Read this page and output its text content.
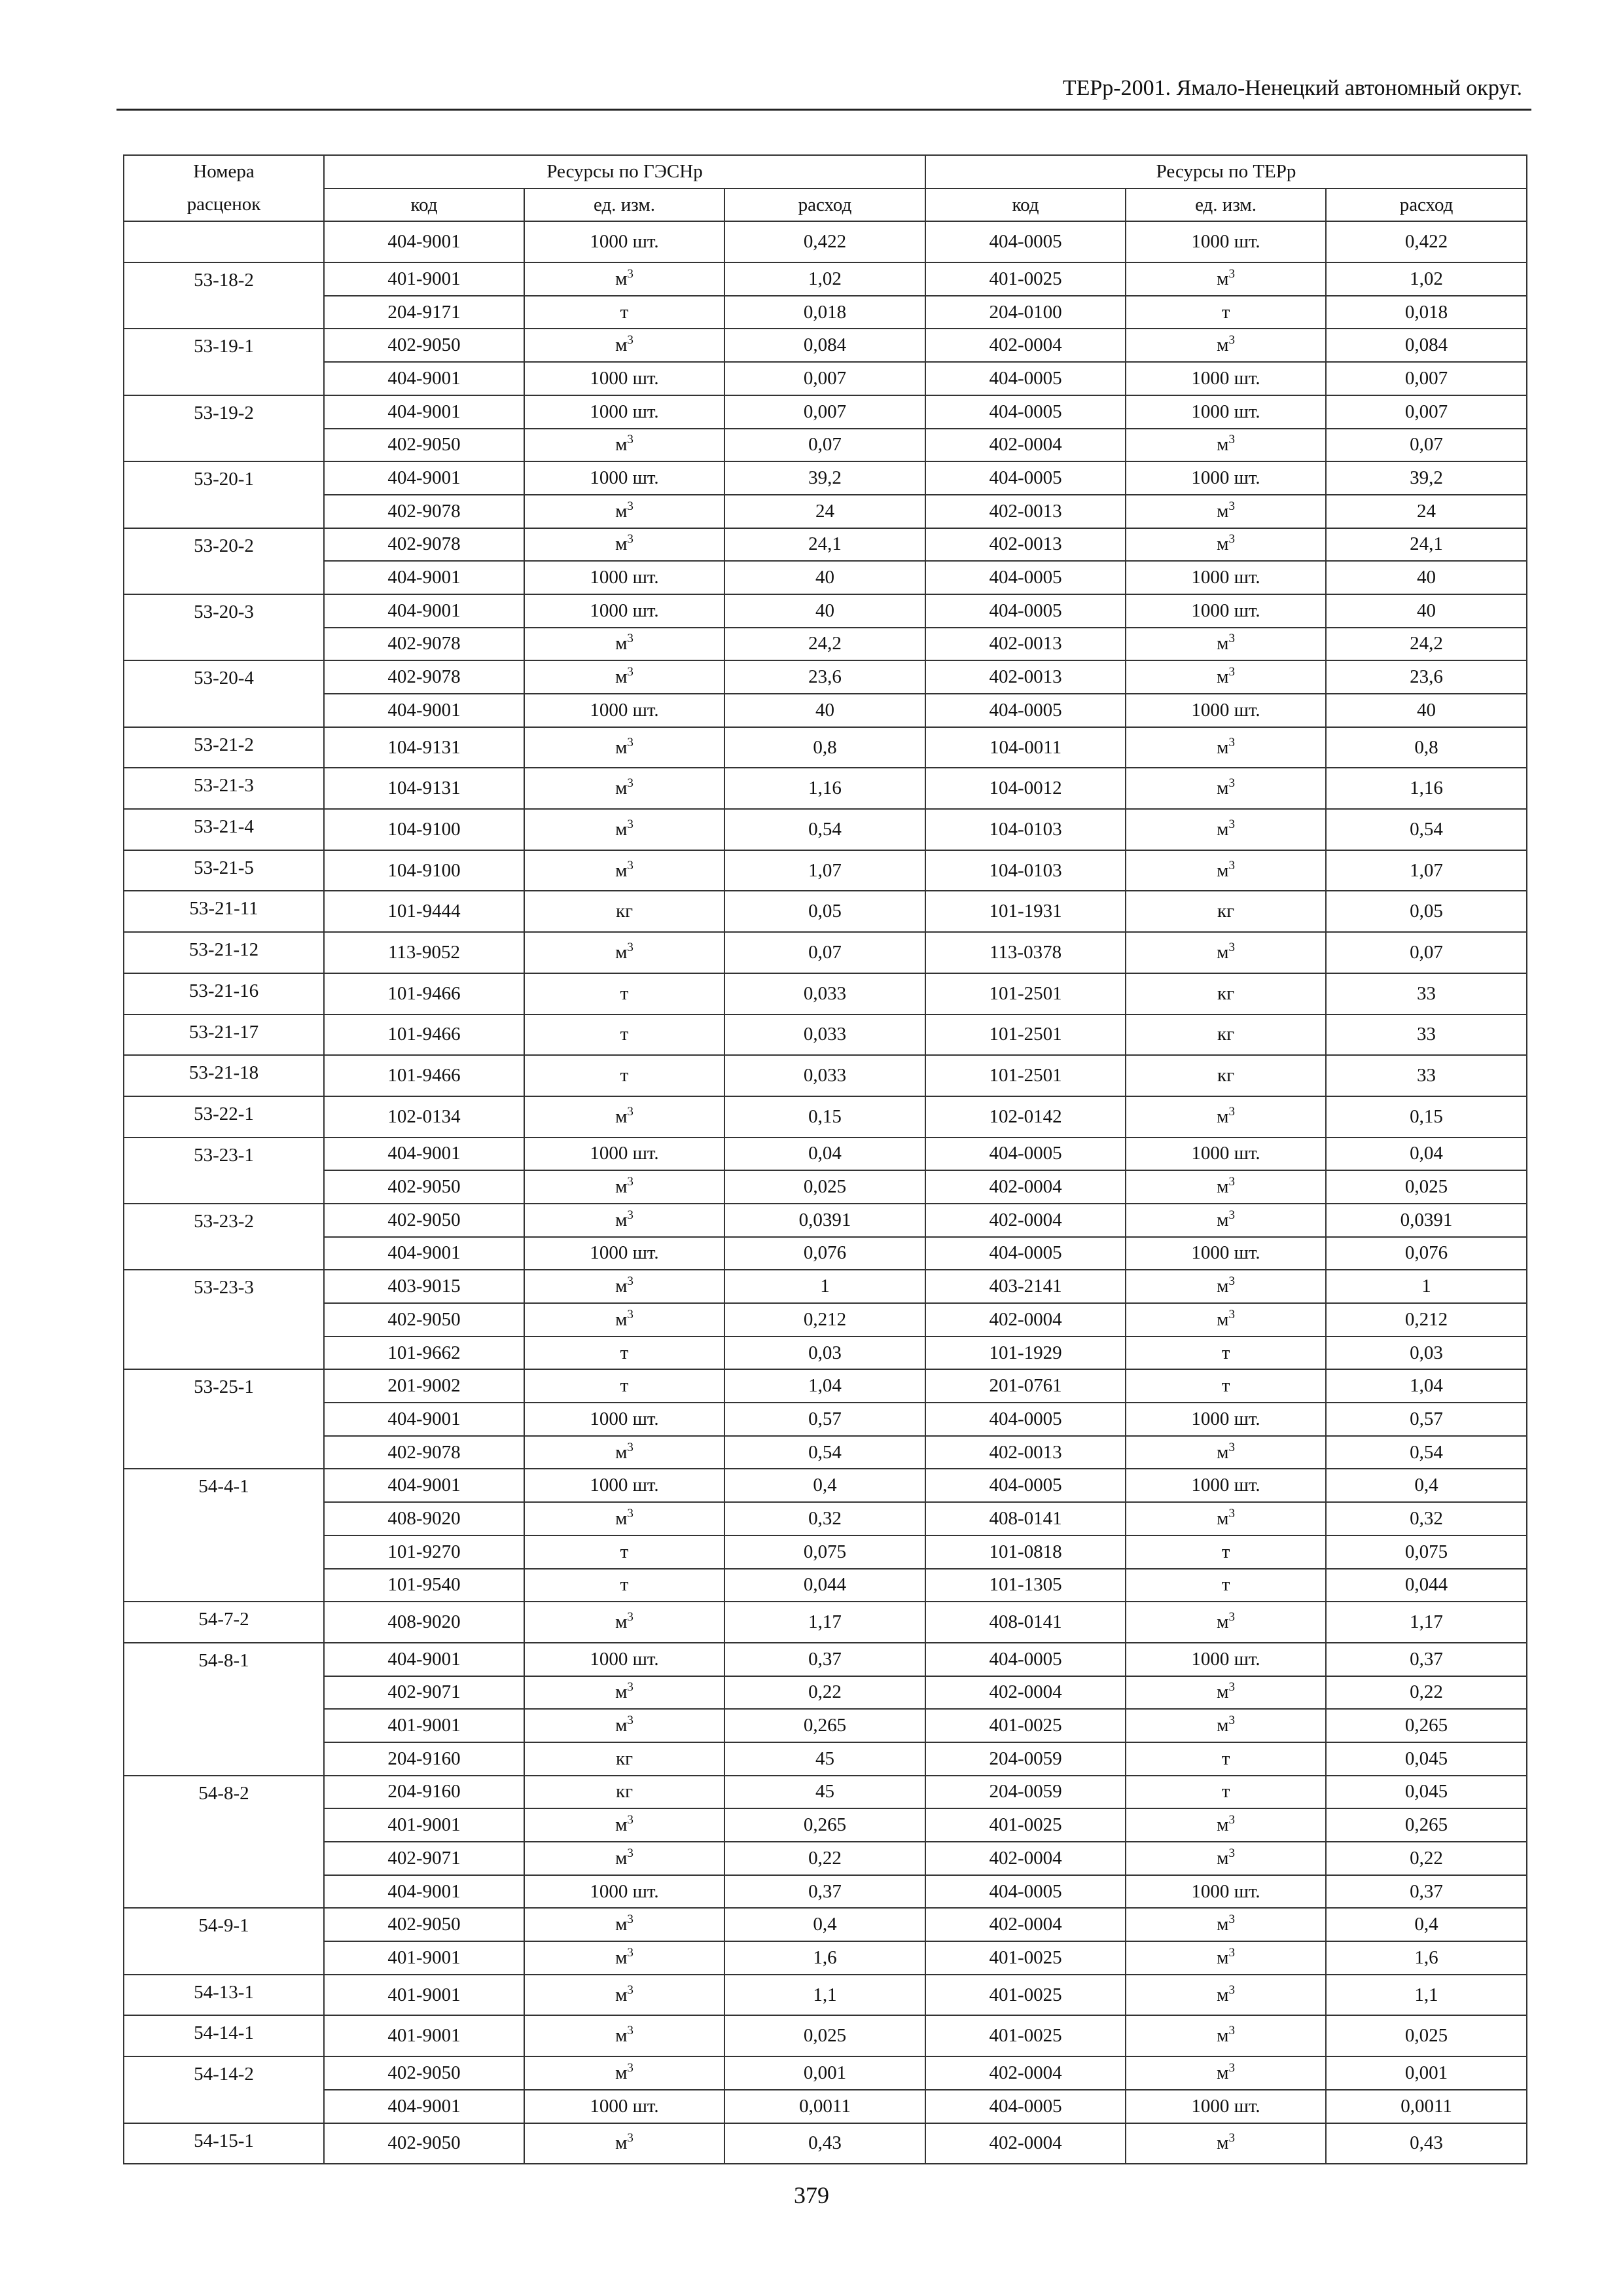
ТЕРр-2001. Ямало-Ненецкий автономный округ.
Номера	Ресурсы по ГЭСНр			Ресурсы по ТЕРр		
расценок	код	ед. изм.	расход	код	ед. изм.	расход
	404-9001	1000 шт.	0,422	404-0005	1000 шт.	0,422
53-18-2	401-9001	$м^3$	1,02	401-0025	$м^3$	1,02
	204-9171	т	0,018	204-0100	т	0,018
53-19-1	402-9050	$м^3$	0,084	402-0004	$м^3$	0,084
	404-9001	1000 шт.	0,007	404-0005	1000 шт.	0,007
53-19-2	404-9001	1000 шт.	0,007	404-0005	1000 шт.	0,007
	402-9050	$м^3$	0,07	402-0004	$м^3$	0,07
53-20-1	404-9001	1000 шт.	39,2	404-0005	1000 шт.	39,2
	402-9078	$м^3$	24	402-0013	$м^3$	24
53-20-2	402-9078	$м^3$	24,1	402-0013	$м^3$	24,1
	404-9001	1000 шт.	40	404-0005	1000 шт.	40
53-20-3	404-9001	1000 шт.	40	404-0005	1000 шт.	40
	402-9078	$м^3$	24,2	402-0013	$м^3$	24,2
53-20-4	402-9078	$м^3$	23,6	402-0013	$м^3$	23,6
	404-9001	1000 шт.	40	404-0005	1000 шт.	40
53-21-2	104-9131	$м^3$	0,8	104-0011	$м^3$	0,8
53-21-3	104-9131	$м^3$	1,16	104-0012	$м^3$	1,16
53-21-4	104-9100	$м^3$	0,54	104-0103	$м^3$	0,54
53-21-5	104-9100	$м^3$	1,07	104-0103	$м^3$	1,07
53-21-11	101-9444	кг	0,05	101-1931	кг	0,05
53-21-12	113-9052	$м^3$	0,07	113-0378	$м^3$	0,07
53-21-16	101-9466	т	0,033	101-2501	кг	33
53-21-17	101-9466	т	0,033	101-2501	кг	33
53-21-18	101-9466	т	0,033	101-2501	кг	33
53-22-1	102-0134	$м^3$	0,15	102-0142	$м^3$	0,15
53-23-1	404-9001	1000 шт.	0,04	404-0005	1000 шт.	0,04
	402-9050	$м^3$	0,025	402-0004	$м^3$	0,025
53-23-2	402-9050	$м^3$	0,0391	402-0004	$м^3$	0,0391
	404-9001	1000 шт.	0,076	404-0005	1000 шт.	0,076
53-23-3	403-9015	$м^3$	1	403-2141	$м^3$	1
	402-9050	$м^3$	0,212	402-0004	$м^3$	0,212
	101-9662	т	0,03	101-1929	т	0,03
53-25-1	201-9002	т	1,04	201-0761	т	1,04
	404-9001	1000 шт.	0,57	404-0005	1000 шт.	0,57
	402-9078	$м^3$	0,54	402-0013	$м^3$	0,54
54-4-1	404-9001	1000 шт.	0,4	404-0005	1000 шт.	0,4
	408-9020	$м^3$	0,32	408-0141	$м^3$	0,32
	101-9270	т	0,075	101-0818	т	0,075
	101-9540	т	0,044	101-1305	т	0,044
54-7-2	408-9020	$м^3$	1,17	408-0141	$м^3$	1,17
54-8-1	404-9001	1000 шт.	0,37	404-0005	1000 шт.	0,37
	402-9071	$м^3$	0,22	402-0004	$м^3$	0,22
	401-9001	$м^3$	0,265	401-0025	$м^3$	0,265
	204-9160	кг	45	204-0059	т	0,045
54-8-2	204-9160	кг	45	204-0059	т	0,045
	401-9001	$м^3$	0,265	401-0025	$м^3$	0,265
	402-9071	$м^3$	0,22	402-0004	$м^3$	0,22
	404-9001	1000 шт.	0,37	404-0005	1000 шт.	0,37
54-9-1	402-9050	$м^3$	0,4	402-0004	$м^3$	0,4
	401-9001	$м^3$	1,6	401-0025	$м^3$	1,6
54-13-1	401-9001	$м^3$	1,1	401-0025	$м^3$	1,1
54-14-1	401-9001	$м^3$	0,025	401-0025	$м^3$	0,025
54-14-2	402-9050	$м^3$	0,001	402-0004	$м^3$	0,001
	404-9001	1000 шт.	0,0011	404-0005	1000 шт.	0,0011
54-15-1	402-9050	$м^3$	0,43	402-0004	$м^3$	0,43
379
